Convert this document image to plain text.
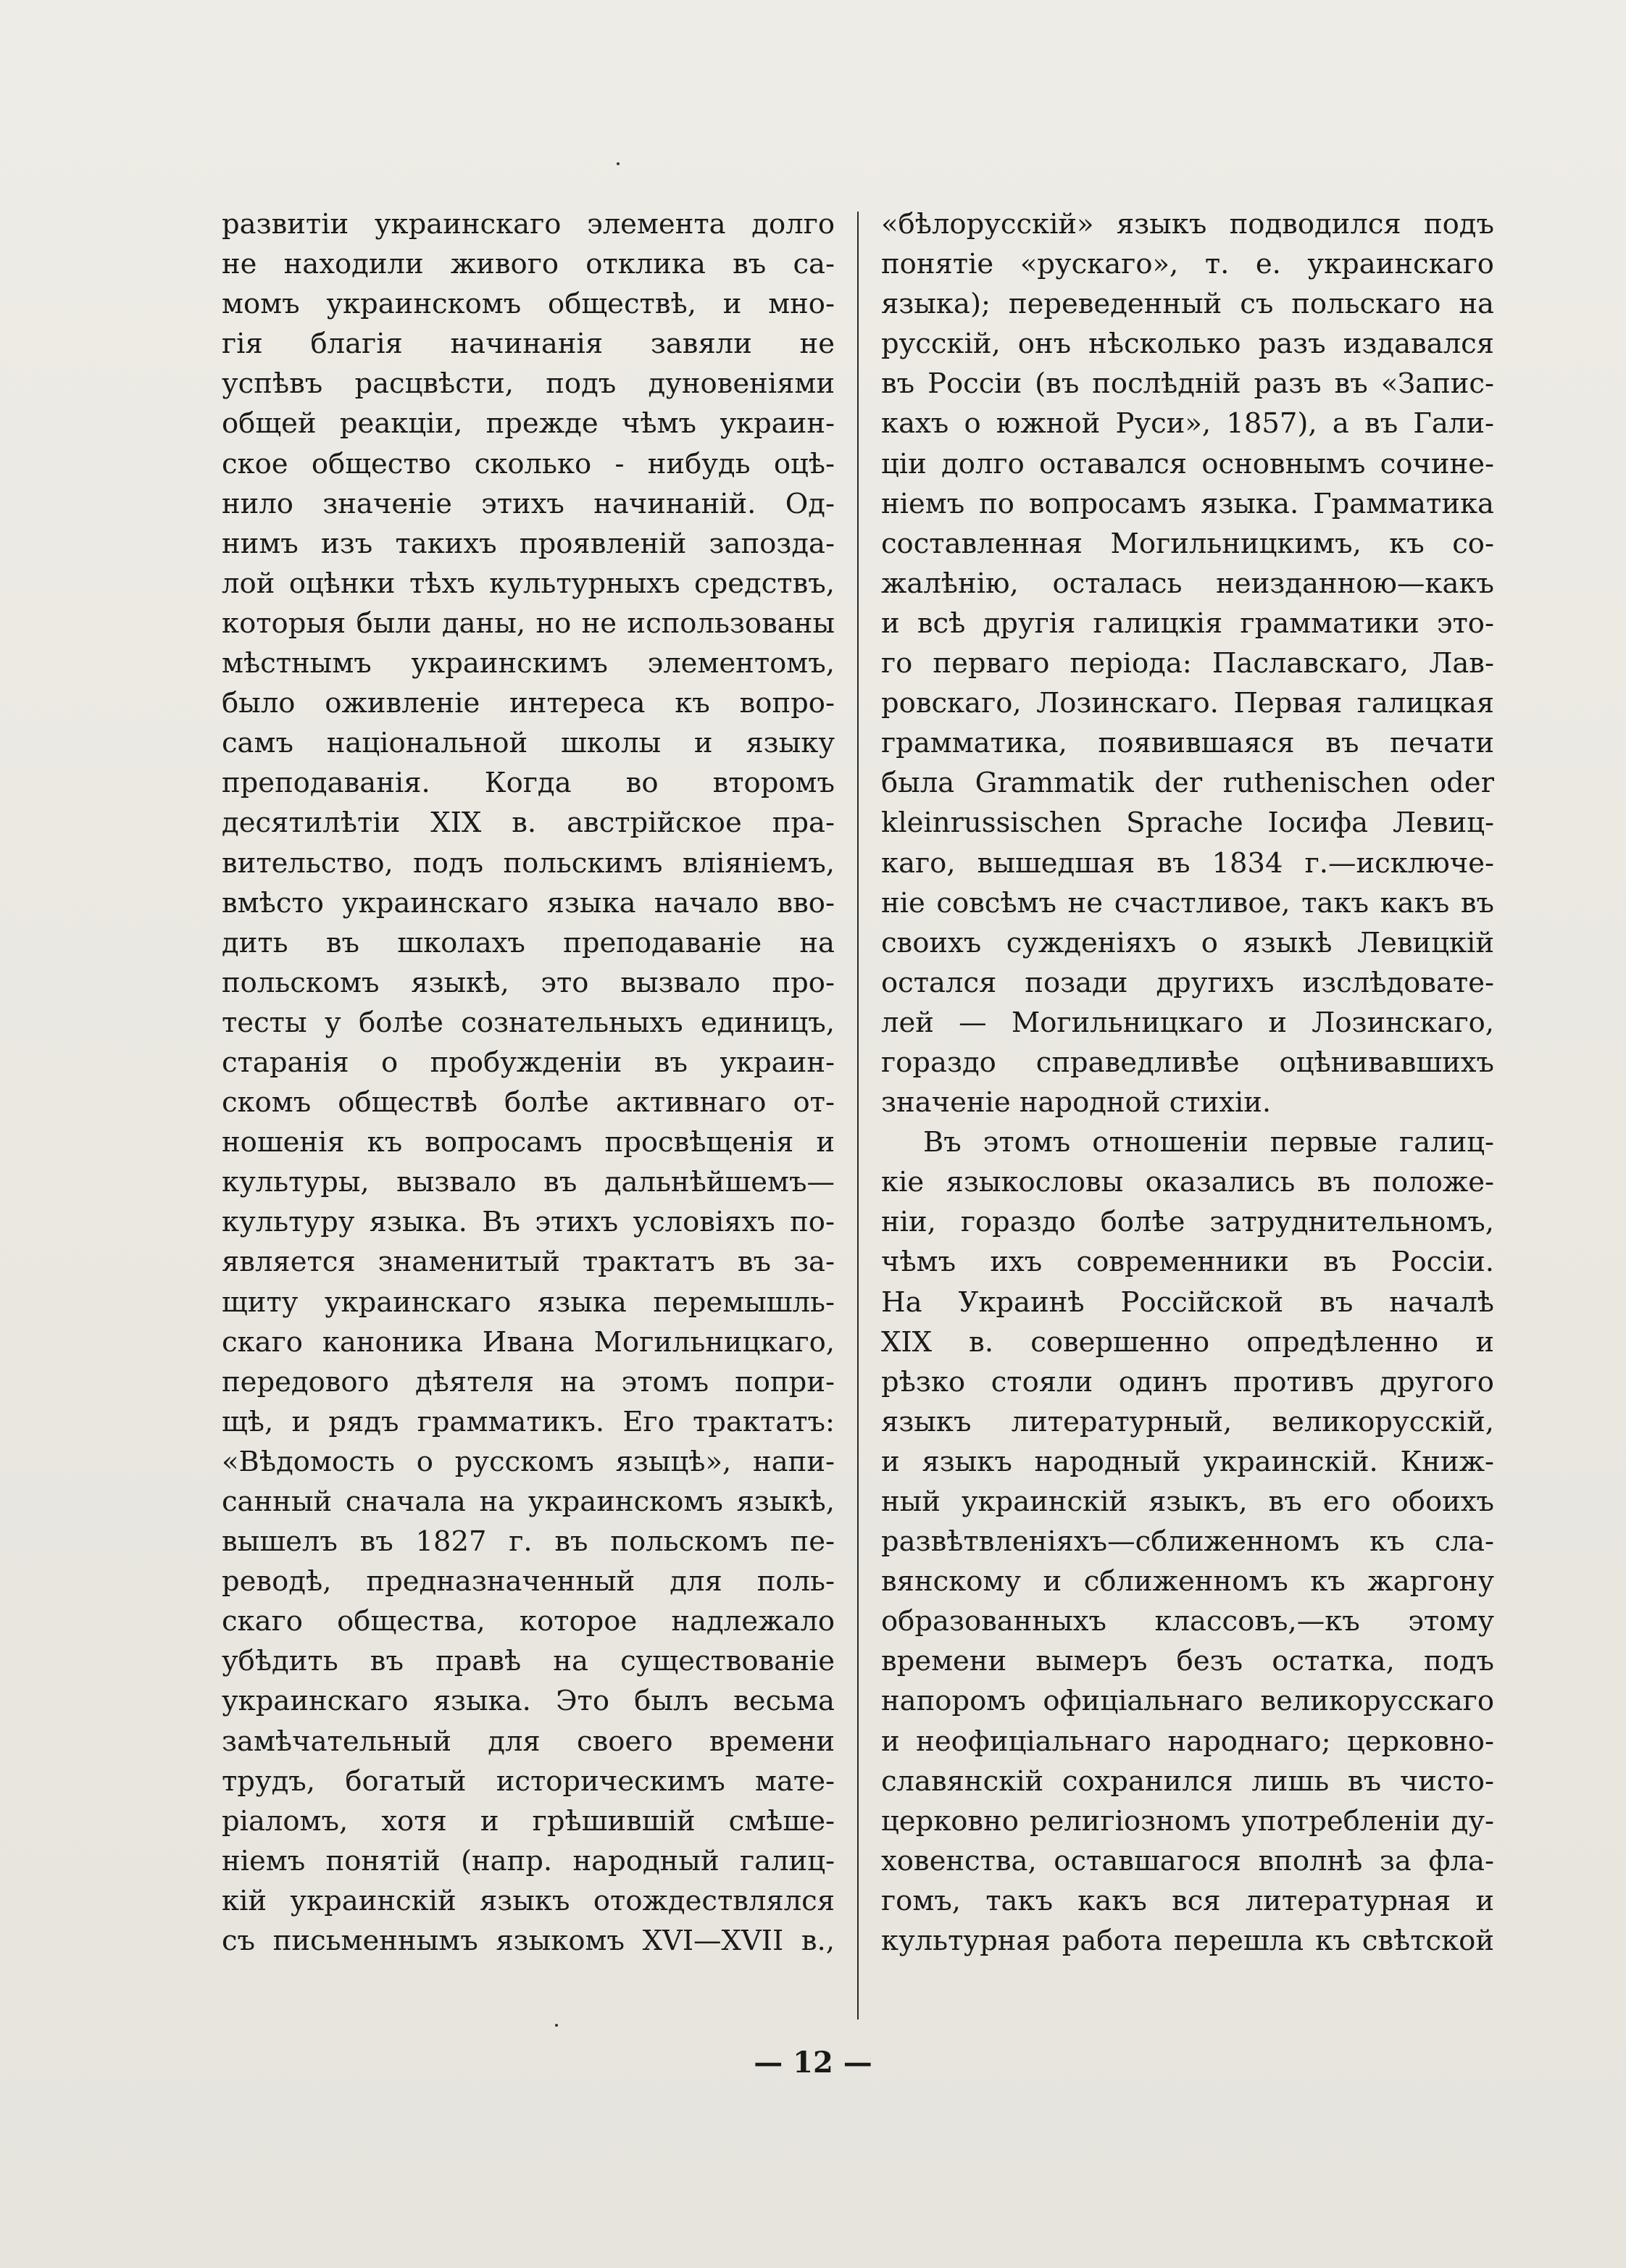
развитіи украинскаго элемента долго
не находили живого отклика въ са-
момъ украинскомъ обществѣ, и мно-
гія благія начинанія завяли не
успѣвъ расцвѣсти, подъ дуновеніями
общей реакціи, прежде чѣмъ украин-
ское общество сколько - нибудь оцѣ-
нило значеніе этихъ начинаній. Од-
нимъ изъ такихъ проявленій запозда-
лой оцѣнки тѣхъ культурныхъ средствъ,
которыя были даны, но не использованы
мѣстнымъ украинскимъ элементомъ,
было оживленіе интереса къ вопро-
самъ національной школы и языку
преподаванія. Когда во второмъ
десятилѣтіи XIX в. австрійское пра-
вительство, подъ польскимъ вліяніемъ,
вмѣсто украинскаго языка начало вво-
дить въ школахъ преподаваніе на
польскомъ языкѣ, это вызвало про-
тесты у болѣе сознательныхъ единицъ,
старанія о пробужденіи въ украин-
скомъ обществѣ болѣе активнаго от-
ношенія къ вопросамъ просвѣщенія и
культуры, вызвало въ дальнѣйшемъ—
культуру языка. Въ этихъ условіяхъ по-
является знаменитый трактатъ въ за-
щиту украинскаго языка перемышль-
скаго каноника Ивана Могильницкаго,
передового дѣятеля на этомъ попри-
щѣ, и рядъ грамматикъ. Его трактатъ:
«Вѣдомость о русскомъ языцѣ», напи-
санный сначала на украинскомъ языкѣ,
вышелъ въ 1827 г. въ польскомъ пе-
реводѣ, предназначенный для поль-
скаго общества, которое надлежало
убѣдить въ правѣ на существованіе
украинскаго языка. Это былъ весьма
замѣчательный для своего времени
трудъ, богатый историческимъ мате-
ріаломъ, хотя и грѣшившій смѣше-
ніемъ понятій (напр. народный галиц-
кій украинскій языкъ отождествлялся
съ письменнымъ языкомъ XVI—XVII в.,
«бѣлорусскій» языкъ подводился подъ
понятіе «рускаго», т. е. украинскаго
языка); переведенный съ польскаго на
русскій, онъ нѣсколько разъ издавался
въ Россіи (въ послѣдній разъ въ «Запис-
кахъ о южной Руси», 1857), а въ Гали-
ціи долго оставался основнымъ сочине-
ніемъ по вопросамъ языка. Грамматика
составленная Могильницкимъ, къ со-
жалѣнію, осталась неизданною—какъ
и всѣ другія галицкія грамматики это-
го перваго періода: Паславскаго, Лав-
ровскаго, Лозинскаго. Первая галицкая
грамматика, появившаяся въ печати
была Grammatik der ruthenischen oder
kleinrussischen Sprache Іосифа Левиц-
каго, вышедшая въ 1834 г.—исключе-
ніе совсѣмъ не счастливое, такъ какъ въ
своихъ сужденіяхъ о языкѣ Левицкій
остался позади другихъ изслѣдовате-
лей — Могильницкаго и Лозинскаго,
гораздо справедливѣе оцѣнивавшихъ
значеніе народной стихіи.
Въ этомъ отношеніи первые галиц-
кіе языкословы оказались въ положе-
ніи, гораздо болѣе затруднительномъ,
чѣмъ ихъ современники въ Россіи.
На Украинѣ Россійской въ началѣ
XIX в. совершенно опредѣленно и
рѣзко стояли одинъ противъ другого
языкъ литературный, великорусскій,
и языкъ народный украинскій. Книж-
ный украинскій языкъ, въ его обоихъ
развѣтвленіяхъ—сближенномъ къ сла-
вянскому и сближенномъ къ жаргону
образованныхъ классовъ,—къ этому
времени вымеръ безъ остатка, подъ
напоромъ офиціальнаго великорусскаго
и неофиціальнаго народнаго; церковно-
славянскій сохранился лишь въ чисто-
церковно религіозномъ употребленіи ду-
ховенства, оставшагося вполнѣ за фла-
гомъ, такъ какъ вся литературная и
культурная работа перешла къ свѣтской
— 12 —
